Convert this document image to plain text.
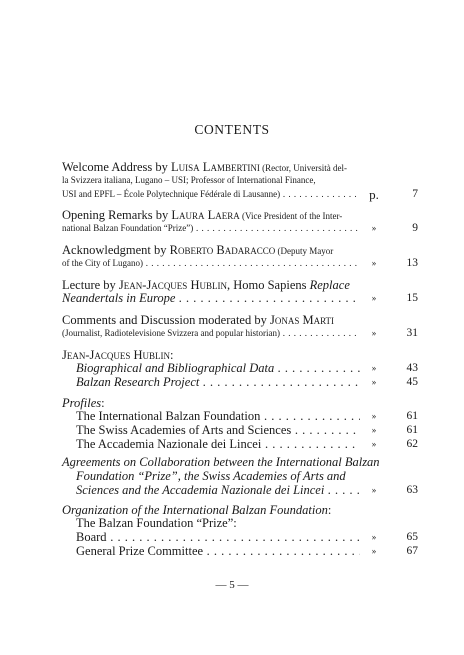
CONTENTS
Welcome Address by Luisa Lambertini (Rector, Università del-
la Svizzera italiana, Lugano – USI; Professor of International Finance,
USI and EPFL – École Polytechnique Fédérale di Lausanne) . . .	p.	7
Opening Remarks by Laura Laera (Vice President of the Inter-
national Balzan Foundation “Prize”) . . .	»	9
Acknowledgment by Roberto Badaracco (Deputy Mayor
of the City of Lugano) . . .	»	13
Lecture by Jean-Jacques Hublin, Homo Sapiens Replace
Neandertals in Europe . . .	»	15
Comments and Discussion moderated by Jonas Marti
(Journalist, Radiotelevisione Svizzera and popular historian) . . .	»	31
Jean-Jacques Hublin:
Biographical and Bibliographical Data . . .	»	43
Balzan Research Project . . .	»	45
Profiles:
The International Balzan Foundation . . .	»	61
The Swiss Academies of Arts and Sciences . . .	»	61
The Accademia Nazionale dei Lincei . . .	»	62
Agreements on Collaboration between the International Balzan
Foundation “Prize”, the Swiss Academies of Arts and
Sciences and the Accademia Nazionale dei Lincei . . .	»	63
Organization of the International Balzan Foundation:
The Balzan Foundation “Prize”:
Board . . .	»	65
General Prize Committee . . .	»	67
— 5 —
